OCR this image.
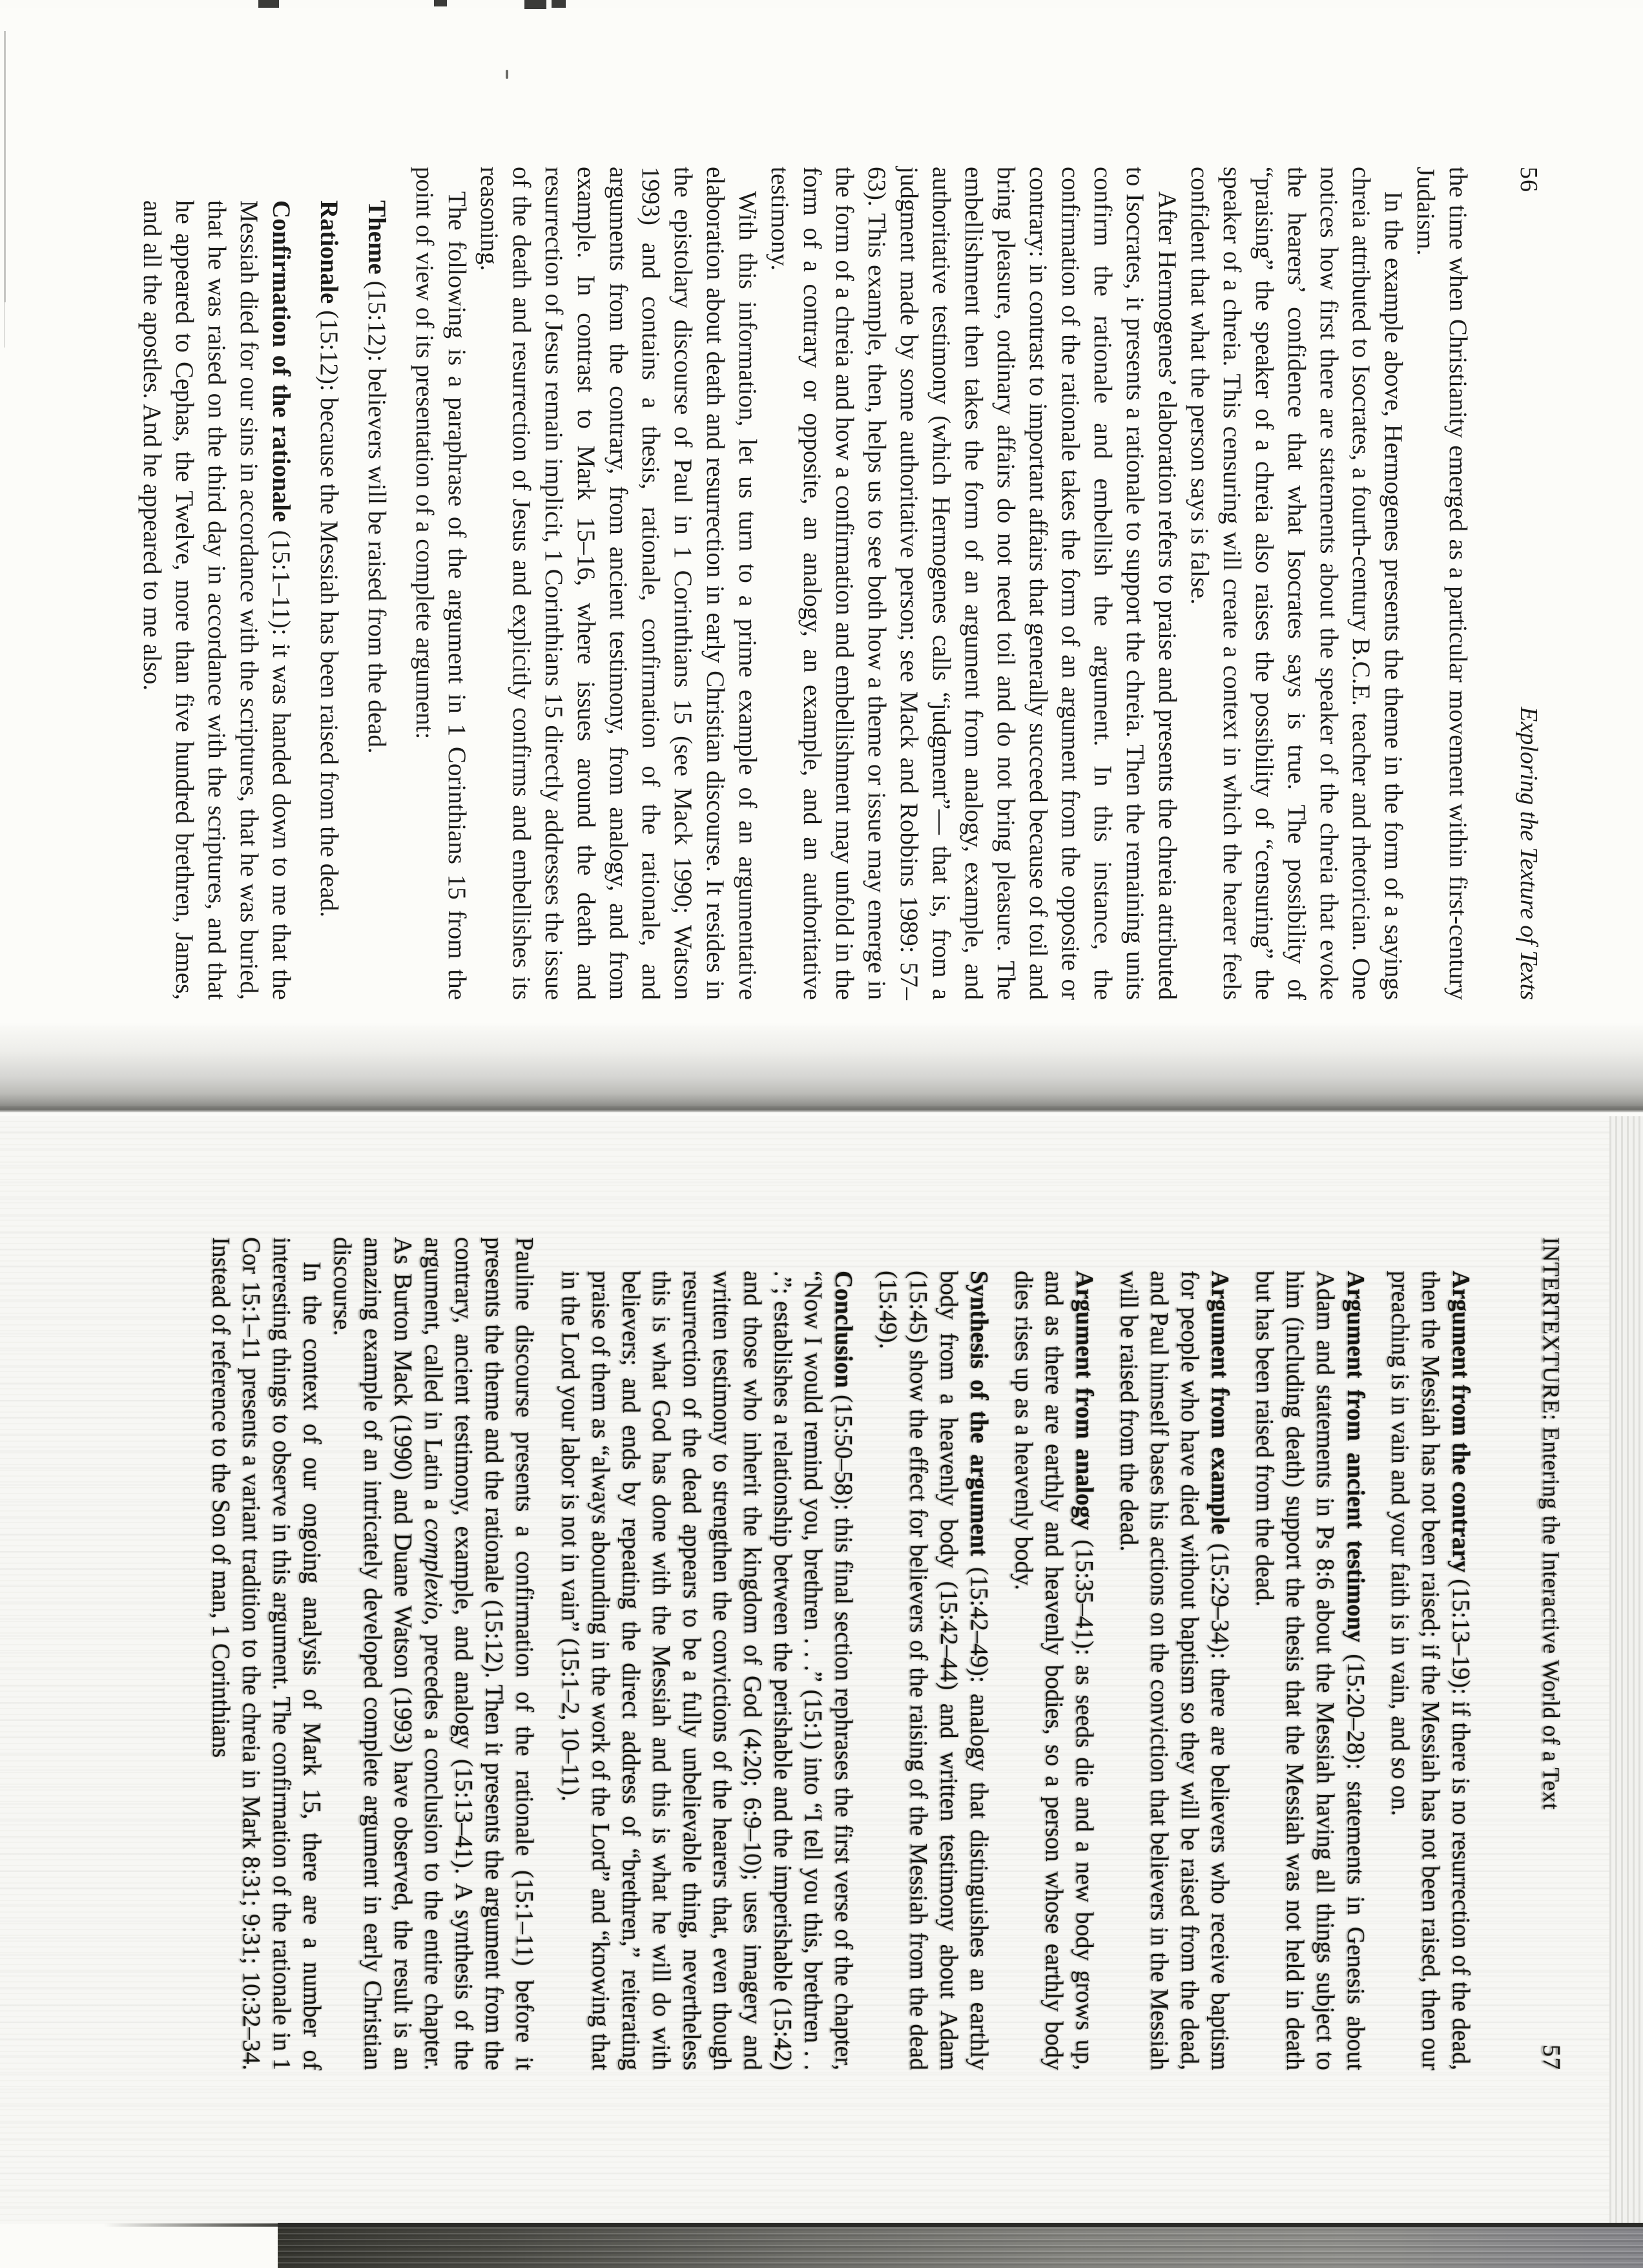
56
Exploring the Texture of Texts

the time when Christianity emerged as a particular movement within first-century Judaism.

In the example above, Hermogenes presents the theme in the form of a sayings chreia attributed to Isocrates, a fourth-century B.C.E. teacher and rhetorician. One notices how first there are statements about the speaker of the chreia that evoke the hearers’ confidence that what Isocrates says is true. The possibility of “praising” the speaker of a chreia also raises the possibility of “censuring” the speaker of a chreia. This censuring will create a context in which the hearer feels confident that what the person says is false.

After Hermogenes’ elaboration refers to praise and presents the chreia attributed to Isocrates, it presents a rationale to support the chreia. Then the remaining units confirm the rationale and embellish the argument. In this instance, the confirmation of the rationale takes the form of an argument from the opposite or contrary: in contrast to important affairs that generally succeed because of toil and bring pleasure, ordinary affairs do not need toil and do not bring pleasure. The embellishment then takes the form of an argument from analogy, example, and authoritative testimony (which Hermogenes calls “judgment”— that is, from a judgment made by some authoritative person; see Mack and Robbins 1989: 57–63). This example, then, helps us to see both how a theme or issue may emerge in the form of a chreia and how a confirmation and embellishment may unfold in the form of a contrary or opposite, an analogy, an example, and an authoritative testimony.

With this information, let us turn to a prime example of an argumentative elaboration about death and resurrection in early Christian discourse. It resides in the epistolary discourse of Paul in 1 Corinthians 15 (see Mack 1990; Watson 1993) and contains a thesis, rationale, confirmation of the rationale, and arguments from the contrary, from ancient testimony, from analogy, and from example. In contrast to Mark 15–16, where issues around the death and resurrection of Jesus remain implicit, 1 Corinthians 15 directly addresses the issue of the death and resurrection of Jesus and explicitly confirms and embellishes its reasoning.

The following is a paraphrase of the argument in 1 Corinthians 15 from the point of view of its presentation of a complete argument:

Theme (15:12): believers will be raised from the dead.
Rationale (15:12): because the Messiah has been raised from the dead.
Confirmation of the rationale (15:1–11): it was handed down to me that the Messiah died for our sins in accordance with the scriptures, that he was buried, that he was raised on the third day in accordance with the scriptures, and that he appeared to Cephas, the Twelve, more than five hundred brethren, James, and all the apostles. And he appeared to me also.
INTERTEXTURE: Entering the Interactive World of a Text
57
Argument from the contrary (15:13–19): if there is no resurrection of the dead, then the Messiah has not been raised; if the Messiah has not been raised, then our preaching is in vain and your faith is in vain, and so on.
Argument from ancient testimony (15:20–28): statements in Genesis about Adam and statements in Ps 8:6 about the Messiah having all things subject to him (including death) support the thesis that the Messiah was not held in death but has been raised from the dead.
Argument from example (15:29–34): there are believers who receive baptism for people who have died without baptism so they will be raised from the dead, and Paul himself bases his actions on the conviction that believers in the Messiah will be raised from the dead.
Argument from analogy (15:35–41): as seeds die and a new body grows up, and as there are earthly and heavenly bodies, so a person whose earthly body dies rises up as a heavenly body.
Synthesis of the argument (15:42–49): analogy that distinguishes an earthly body from a heavenly body (15:42–44) and written testimony about Adam (15:45) show the effect for believers of the raising of the Messiah from the dead (15:49).
Conclusion (15:50–58): this final section rephrases the first verse of the chapter, “Now I would remind you, brethren . . .” (15:1) into “I tell you this, brethren . . .”; establishes a relationship between the perishable and the imperishable (15:42) and those who inherit the kingdom of God (4:20; 6:9–10); uses imagery and written testimony to strengthen the convictions of the hearers that, even though resurrection of the dead appears to be a fully unbelievable thing, nevertheless this is what God has done with the Messiah and this is what he will do with believers; and ends by repeating the direct address of “brethren,” reiterating praise of them as “always abounding in the work of the Lord” and “knowing that in the Lord your labor is not in vain” (15:1–2, 10–11).

Pauline discourse presents a confirmation of the rationale (15:1–11) before it presents the theme and the rationale (15:12). Then it presents the argument from the contrary, ancient testimony, example, and analogy (15:13–41). A synthesis of the argument, called in Latin a complexio, precedes a conclusion to the entire chapter. As Burton Mack (1990) and Duane Watson (1993) have observed, the result is an amazing example of an intricately developed complete argument in early Christian discourse.

In the context of our ongoing analysis of Mark 15, there are a number of interesting things to observe in this argument. The confirmation of the rationale in 1 Cor 15:1–11 presents a variant tradition to the chreia in Mark 8:31; 9:31; 10:32–34. Instead of reference to the Son of man, 1 Corinthians
